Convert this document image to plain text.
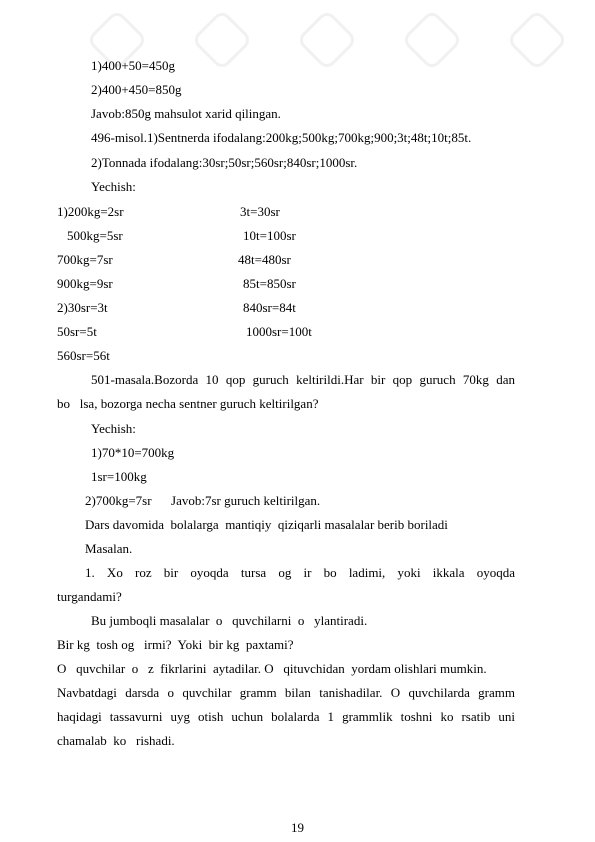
1)400+50=450g
2)400+450=850g
Javob:850g mahsulot xarid qilingan.
496-misol.1)Sentnerda ifodalang:200kg;500kg;700kg;900;3t;48t;10t;85t.
2)Tonnada ifodalang:30sr;50sr;560sr;840sr;1000sr.
Yechish:
1)200kg=2sr
500kg=5sr
700kg=7sr
900kg=9sr
2)30sr=3t
50sr=5t
560sr=56t
3t=30sr
10t=100sr
48t=480sr
85t=850sr
840sr=84t
1000sr=100t
501-masala.Bozorda 10 qop guruch keltirildi.Har bir qop guruch 70kg dan
bo   lsa, bozorga necha sentner guruch keltirilgan?
Yechish:
1)70*10=700kg
1sr=100kg
2)700kg=7sr      Javob:7sr guruch keltirilgan.
Dars davomida  bolalarga  mantiqiy  qiziqarli masalalar berib boriladi
Masalan.
1. Xo roz bir oyoqda tursa og ir bo ladimi, yoki ikkala oyoqda
turgandami?
Bu jumboqli masalalar  o   quvchilarni  o   ylantiradi.
Bir kg  tosh og   irmi?  Yoki  bir kg  paxtami?
O   quvchilar  o   z  fikrlarini  aytadilar. O   qituvchidan  yordam olishlari mumkin.
Navbatdagi darsda o quvchilar gramm bilan tanishadilar. O quvchilarda gramm
haqidagi tassavurni uyg otish uchun bolalarda 1 grammlik toshni ko rsatib uni
chamalab  ko   rishadi.
19
